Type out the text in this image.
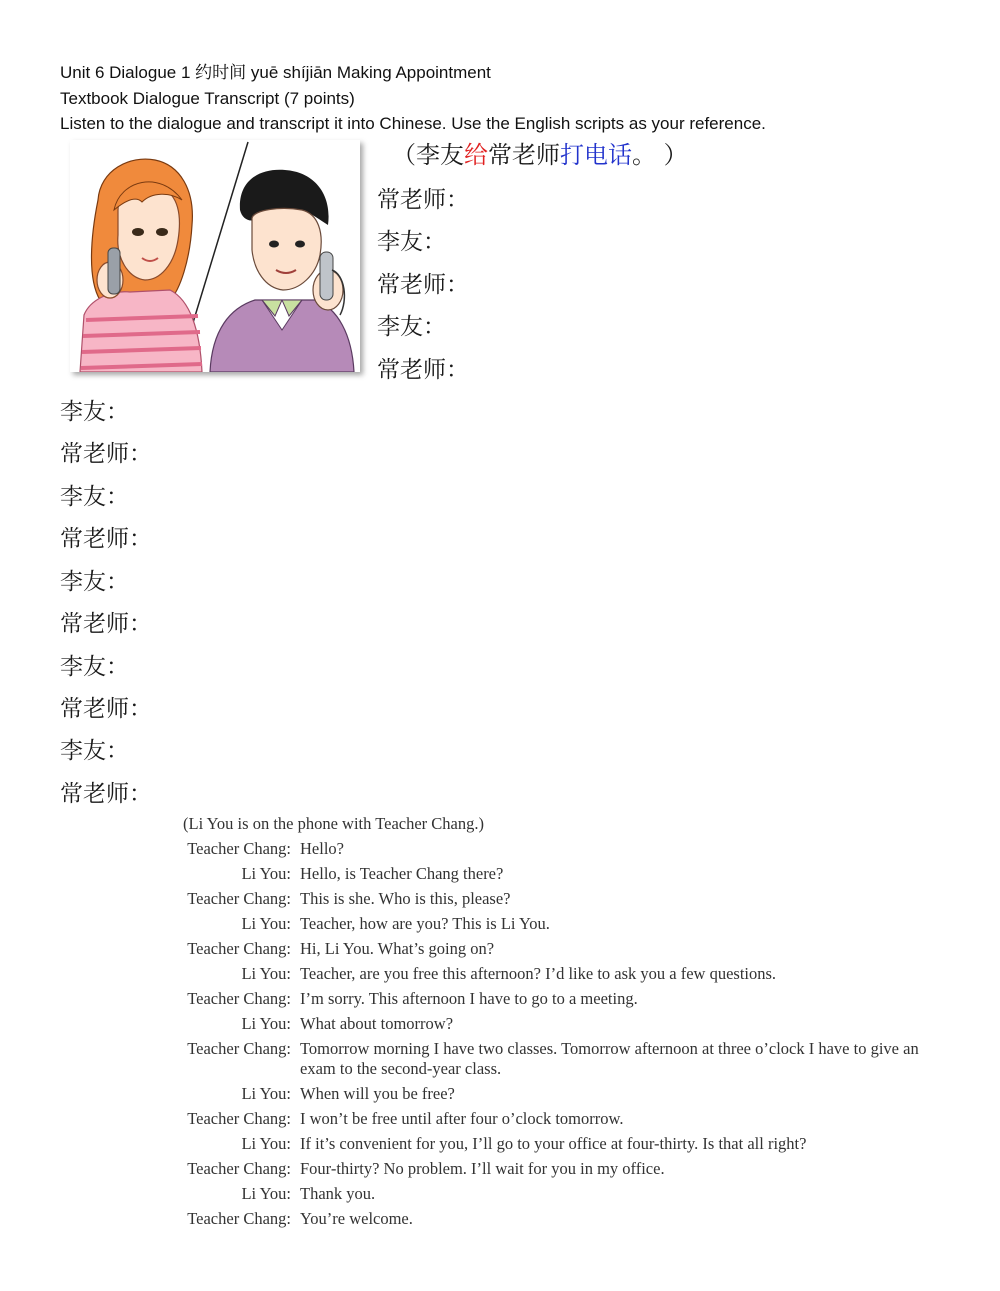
Unit 6 Dialogue 1 约时间 yuē shíjiān Making Appointment
Textbook Dialogue Transcript (7 points)
Listen to the dialogue and transcript it into Chinese. Use the English scripts as your reference.
（李友给常老师打电话。 ）
常老师：
李友：
常老师：
李友：
常老师：
李友：
常老师：
李友：
常老师：
李友：
常老师：
李友：
常老师：
李友：
常老师：
(Li You is on the phone with Teacher Chang.)
Teacher Chang: Hello?
Li You: Hello, is Teacher Chang there?
Teacher Chang: This is she. Who is this, please?
Li You: Teacher, how are you? This is Li You.
Teacher Chang: Hi, Li You. What’s going on?
Li You: Teacher, are you free this afternoon? I’d like to ask you a few questions.
Teacher Chang: I’m sorry. This afternoon I have to go to a meeting.
Li You: What about tomorrow?
Teacher Chang: Tomorrow morning I have two classes. Tomorrow afternoon at three o’clock I have to give an exam to the second-year class.
Li You: When will you be free?
Teacher Chang: I won’t be free until after four o’clock tomorrow.
Li You: If it’s convenient for you, I’ll go to your office at four-thirty. Is that all right?
Teacher Chang: Four-thirty? No problem. I’ll wait for you in my office.
Li You: Thank you.
Teacher Chang: You’re welcome.
